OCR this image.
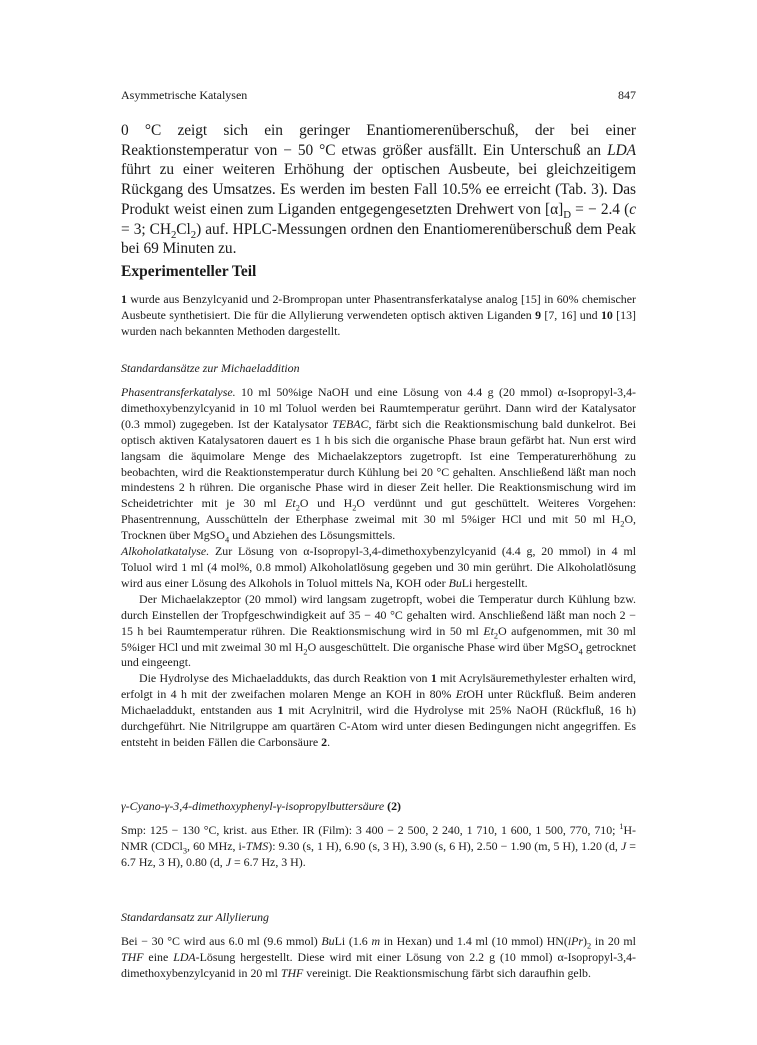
Asymmetrische Katalysen	847
0 °C zeigt sich ein geringer Enantiomerenüberschuß, der bei einer Reaktionstemperatur von − 50 °C etwas größer ausfällt. Ein Unterschuß an LDA führt zu einer weiteren Erhöhung der optischen Ausbeute, bei gleichzeitigem Rückgang des Umsatzes. Es werden im besten Fall 10.5% ee erreicht (Tab. 3). Das Produkt weist einen zum Liganden entgegengesetzten Drehwert von $[\alpha]_D$ = − 2.4 (c = 3; $CH_2Cl_2$) auf. HPLC-Messungen ordnen den Enantiomerenüberschuß dem Peak bei 69 Minuten zu.
Experimenteller Teil

1 wurde aus Benzylcyanid und 2-Brompropan unter Phasentransferkatalyse analog [15] in 60% chemischer Ausbeute synthetisiert. Die für die Allylierung verwendeten optisch aktiven Liganden 9 [7, 16] und 10 [13] wurden nach bekannten Methoden dargestellt.

Standardansätze zur Michaeladdition

Phasentransferkatalyse. 10 ml 50%ige NaOH und eine Lösung von 4.4 g (20 mmol) α-Isopropyl-3,4-dimethoxybenzylcyanid in 10 ml Toluol werden bei Raumtemperatur gerührt. Dann wird der Katalysator (0.3 mmol) zugegeben. Ist der Katalysator TEBAC, färbt sich die Reaktionsmischung bald dunkelrot. Bei optisch aktiven Katalysatoren dauert es 1 h bis sich die organische Phase braun gefärbt hat. Nun erst wird langsam die äquimolare Menge des Michaelakzeptors zugetropft. Ist eine Temperaturerhöhung zu beobachten, wird die Reaktionstemperatur durch Kühlung bei 20 °C gehalten. Anschließend läßt man noch mindestens 2 h rühren. Die organische Phase wird in dieser Zeit heller. Die Reaktionsmischung wird im Scheidetrichter mit je 30 ml $Et_2O$ und $H_2O$ verdünnt und gut geschüttelt. Weiteres Vorgehen: Phasentrennung, Ausschütteln der Etherphase zweimal mit 30 ml 5%iger HCl und mit 50 ml $H_2O$, Trocknen über MgSO$_4$ und Abziehen des Lösungsmittels.

Alkoholatkatalyse. Zur Lösung von α-Isopropyl-3,4-dimethoxybenzylcyanid (4.4 g, 20 mmol) in 4 ml Toluol wird 1 ml (4 mol%, 0.8 mmol) Alkoholatlösung gegeben und 30 min gerührt. Die Alkoholatlösung wird aus einer Lösung des Alkohols in Toluol mittels Na, KOH oder BuLi hergestellt.

Der Michaelakzeptor (20 mmol) wird langsam zugetropft, wobei die Temperatur durch Kühlung bzw. durch Einstellen der Tropfgeschwindigkeit auf 35 − 40 °C gehalten wird. Anschließend läßt man noch 2 − 15 h bei Raumtemperatur rühren. Die Reaktionsmischung wird in 50 ml $Et_2O$ aufgenommen, mit 30 ml 5%iger HCl und mit zweimal 30 ml $H_2O$ ausgeschüttelt. Die organische Phase wird über MgSO$_4$ getrocknet und eingeengt.

Die Hydrolyse des Michaeladdukts, das durch Reaktion von 1 mit Acrylsäuremethylester erhalten wird, erfolgt in 4 h mit der zweifachen molaren Menge an KOH in 80% EtOH unter Rückfluß. Beim anderen Michaeladdukt, entstanden aus 1 mit Acrylnitril, wird die Hydrolyse mit 25% NaOH (Rückfluß, 16 h) durchgeführt. Nie Nitrilgruppe am quartären C-Atom wird unter diesen Bedingungen nicht angegriffen. Es entsteht in beiden Fällen die Carbonsäure 2.

γ-Cyano-γ-3,4-dimethoxyphenyl-γ-isopropylbuttersäure (2)

Smp: 125 − 130 °C, krist. aus Ether. IR (Film): 3 400 − 2 500, 2 240, 1 710, 1 600, 1 500, 770, 710; $^1$H-NMR (CDCl$_3$, 60 MHz, i-TMS): 9.30 (s, 1 H), 6.90 (s, 3 H), 3.90 (s, 6 H), 2.50 − 1.90 (m, 5 H), 1.20 (d, J = 6.7 Hz, 3 H), 0.80 (d, J = 6.7 Hz, 3 H).

Standardansatz zur Allylierung

Bei − 30 °C wird aus 6.0 ml (9.6 mmol) BuLi (1.6 m in Hexan) und 1.4 ml (10 mmol) $HN(iPr)_2$ in 20 ml THF eine LDA-Lösung hergestellt. Diese wird mit einer Lösung von 2.2 g (10 mmol) α-Isopropyl-3,4-dimethoxybenzylcyanid in 20 ml THF vereinigt. Die Reaktionsmischung färbt sich daraufhin gelb.
